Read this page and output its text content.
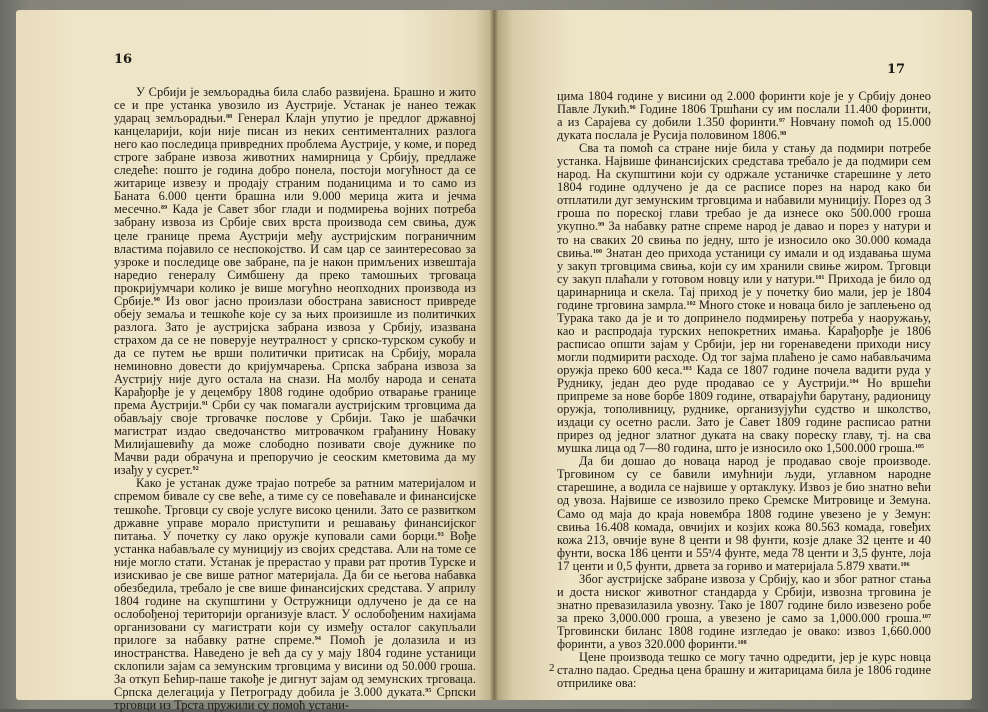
16

У Србији је земљорадња била слабо развијена. Брашно и жито се и пре устанка увозило из Аустрије. Устанак је нанео тежак ударац земљорадњи.$^{88}$ Генерал Клајн упутио је предлог државној канцеларији, који није писан из неких сентименталних разлога него као последица привредних проблема Аустрије, у коме, и поред строге забране извоза животних намирница у Србију, предлаже следеће: пошто је година добро понела, постоји могућност да се житарице извезу и продају страним поданицима и то само из Баната 6.000 центи брашна или 9.000 мерица жита и јечма месечно.$^{89}$ Када је Савет због глади и подмирења војних потреба забрану извоза из Србије свих врста производа сем свиња, дуж целе границе према Аустрији међу аустријским пограничним властима појавило се неспокојство. И сам цар се заинтересовао за узроке и последице ове забране, па је након примљених извештаја наредио генералу Симбшену да преко тамошњих трговаца прокријумчари колико је више могућно неопходних производа из Србије.$^{90}$ Из овог јасно произлази обострана зависност привреде обеју земаља и тешкоће које су за њих произишле из политичких разлога. Зато је аустријска забрана извоза у Србију, изазвана страхом да се не поверује неутралност у српско-турском сукобу и да се путем ње врши политички притисак на Србију, морала неминовно довести до кријумчарења. Српска забрана извоза за Аустрију није дуго остала на снази. На молбу народа и сената Карађорђе је у децембру 1808 године одобрио отварање границе према Аустрији.$^{91}$ Срби су чак помагали аустријским трговцима да обављају своје трговачке послове у Србији. Тако је шабачки магистрат издао сведочанство митровачком грађанину Новаку Милијашевићу да може слободно позивати своје дужнике по Мачви ради обрачуна и препоручио је сеоским кметовима да му изађу у сусрет.$^{92}$

Како је устанак дуже трајао потребе за ратним материјалом и спремом бивале су све веће, а тиме су се повећавале и финансијске тешкоће. Трговци су своје услуге високо ценили. Зато се развитком државне управе морало приступити и решавању финансијског питања. У почетку су лако оружје куповали сами борци.$^{93}$ Вође устанка набављале су муницију из својих средстава. Али на томе се није могло стати. Устанак је прерастао у прави рат против Турске и изискивао је све више ратног материјала. Да би се његова набавка обезбедила, требало је све више финансијских средстава. У априлу 1804 године на скупштини у Остружници одлучено је да се на ослобођеној територији организује власт. У ослобођеним нахијама организовани су магистрати који су између осталог сакупљали прилоге за набавку ратне спреме.$^{94}$ Помоћ је долазила и из иностранства. Наведено је већ да су у мају 1804 године устаници склопили зајам са земунским трговцима у висини од 50.000 гроша. За откуп Бећир-паше такође је дигнут зајам од земунских трговаца. Српска делегација у Петрограду добила је 3.000 дуката.$^{95}$ Српски трговци из Трста пружили су помоћ устани-

17

цима 1804 године у висини од 2.000 форинти које је у Србију донео Павле Лукић.$^{96}$ Године 1806 Тршћани су им послали 11.400 форинти, а из Сарајева су добили 1.350 форинти.$^{97}$ Новчану помоћ од 15.000 дуката послала је Русија половином 1806.98

Сва та помоћ са стране није била у стању да подмири потребе устанка. Највише финансијских средстава требало је да подмири сем народ. На скупштини који су одржале устаничке старешине у лето 1804 године одлучено је да се расписе порез на народ како би отплатили дуг земунским трговцима и набавили муницију. Порез од 3 гроша по пореској глави требао је да изнесе око 500.000 гроша укупно.$^{99}$ За набавку ратне спреме народ је давао и порез у натури и то на сваких 20 свиња по једну, што је износило око 30.000 комада свиња.$^{100}$ Знатан део прихода устаници су имали и од издавања шума у закуп трговцима свиња, који су им хранили свиње жиром. Трговци су закуп плаћали у готовом новцу или у натури.$^{101}$ Прихода је било од царинарница и скела. Тај приход је у почетку био мали, јер је 1804 године трговина замрла.$^{102}$ Много стоке и новаца било је заплењено од Турака тако да је и то допринело подмирењу потреба у наоружању, као и распродаја турских непокретних имања. Карађорђе је 1806 расписао општи зајам у Србији, јер ни горенаведени приходи нису могли подмирити расходе. Од тог зајма плаћено је само набављачима оружја преко 600 кеса.$^{103}$ Када се 1807 године почела вадити руда у Руднику, један део руде продавао се у Аустрији.$^{104}$ Но вршећи припреме за нове борбе 1809 године, отварајући барутану, радионицу оружја, тополивницу, руднике, организујући судство и школство, издаци су осетно расли. Зато је Савет 1809 године расписао ратни прирез од једног златног дуката на сваку пореску главу, тј. на сва мушка лица од 7—80 година, што је износило око 1,500.000 гроша.$^{105}$

Да би дошао до новаца народ је продавао своје производе. Трговином су се бавили имућнији људи, углавном народне старешине, а водила се највише у ортаклуку. Извоз је био знатно већи од увоза. Највише се извозило преко Сремске Митровице и Земуна. Само од маја до краја новембра 1808 године увезено је у Земун: свиња 16.408 комада, овчијих и козјих кожа 80.563 комада, говеђих кожа 213, овчије вуне 8 центи и 98 фунти, козје длаке 32 центе и 40 фунти, воска 186 центи и $55^3/4$ фунте, меда 78 центи и 3,5 фунте, лоја 17 центи и 0,5 фунти, дрвета за горивo и материјала 5.879 хвати.$^{106}$

Због аустријске забране извоза у Србију, као и због ратног стања и доста ниског животног стандарда у Србији, извозна трговина је знатно превазилазила увозну. Тако је 1807 године било извезено робе за преко 3,000.000 гроша, а увезено је само за 1,000.000 гроша.$^{107}$ Трговински биланс 1808 године изгледао је овако: извоз 1,660.000 форинти, а увоз 320.000 форинти.$^{108}$

Цене производа тешко се могу тачно одредити, јер је курс новца стално падао. Средња цена брашну и житарицама била је 1806 године отприлике ова:

2
